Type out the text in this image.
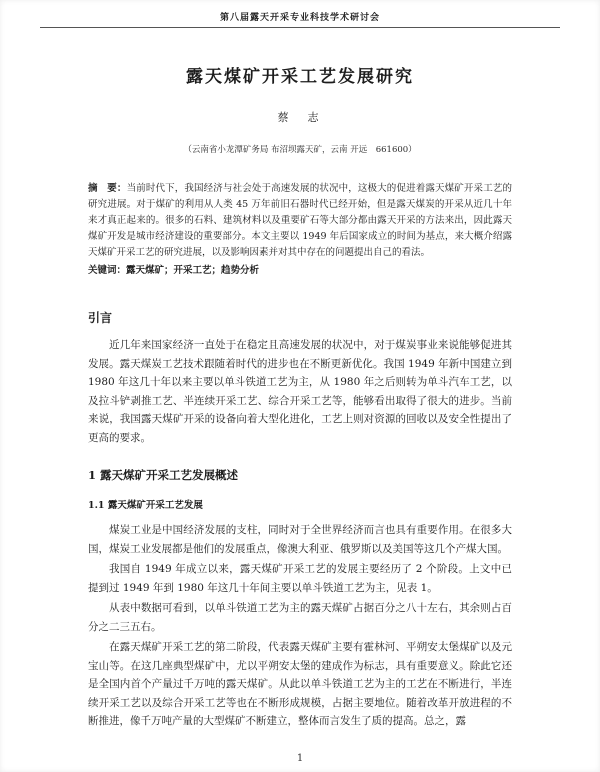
第八届露天开采专业科技学术研讨会
露天煤矿开采工艺发展研究
蔡　志
（云南省小龙潭矿务局 布沼坝露天矿，云南 开远　661600）

摘　要：当前时代下，我国经济与社会处于高速发展的状况中，这极大的促进着露天煤矿开采工艺的研究进展。对于煤矿的利用从人类 45 万年前旧石器时代已经开始，但是露天煤炭的开采从近几十年来才真正起来的。很多的石料、建筑材料以及重要矿石等大部分都由露天开采的方法来出，因此露天煤矿开发是城市经济建设的重要部分。本文主要以 1949 年后国家成立的时间为基点，来大概介绍露天煤矿开采工艺的研究进展，以及影响因素并对其中存在的问题提出自己的看法。

关键词：露天煤矿；开采工艺；趋势分析

引言

近几年来国家经济一直处于在稳定且高速发展的状况中，对于煤炭事业来说能够促进其发展。露天煤炭工艺技术跟随着时代的进步也在不断更新优化。我国 1949 年新中国建立到 1980 年这几十年以来主要以单斗铁道工艺为主，从 1980 年之后则转为单斗汽车工艺，以及拉斗铲剥推工艺、半连续开采工艺、综合开采工艺等，能够看出取得了很大的进步。当前来说，我国露天煤矿开采的设备向着大型化进化，工艺上则对资源的回收以及安全性提出了更高的要求。

1 露天煤矿开采工艺发展概述
1.1 露天煤矿开采工艺发展

煤炭工业是中国经济发展的支柱，同时对于全世界经济而言也具有重要作用。在很多大国，煤炭工业发展都是他们的发展重点，像澳大利亚、俄罗斯以及美国等这几个产煤大国。

我国自 1949 年成立以来，露天煤矿开采工艺的发展主要经历了 2 个阶段。上文中已提到过 1949 年到 1980 年这几十年间主要以单斗铁道工艺为主，见表 1。

从表中数据可看到，以单斗铁道工艺为主的露天煤矿占据百分之八十左右，其余则占百分之二三五右。

在露天煤矿开采工艺的第二阶段，代表露天煤矿主要有霍林河、平朔安太堡煤矿以及元宝山等。在这几座典型煤矿中，尤以平朔安太堡的建成作为标志，具有重要意义。除此它还是全国内首个产量过千万吨的露天煤矿。从此以单斗铁道工艺为主的工艺在不断进行，半连续开采工艺以及综合开采工艺等也在不断形成规模，占据主要地位。随着改革开放进程的不断推进，像千万吨产量的大型煤矿不断建立，整体而言发生了质的提高。总之，露

1
